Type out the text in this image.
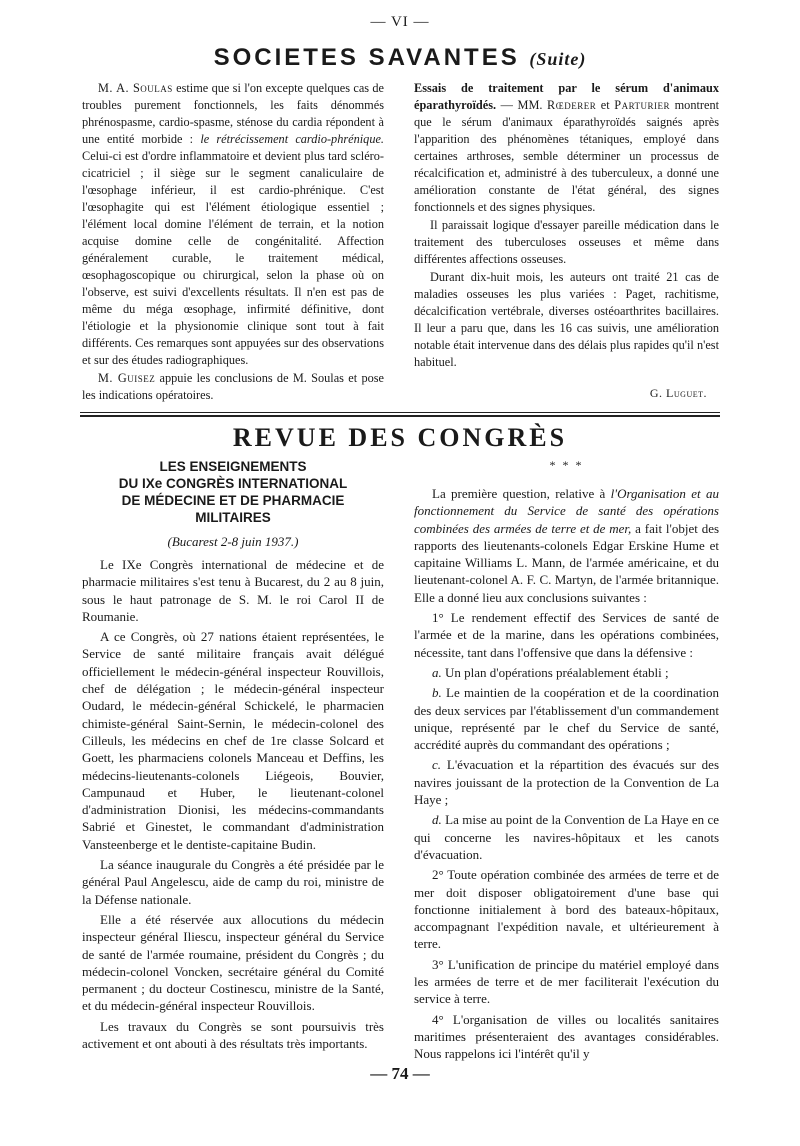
— VI —
SOCIETES SAVANTES (Suite)

M. A. Soulas estime que si l'on excepte quelques cas de troubles purement fonctionnels, les faits dénommés phrénospasme, cardio-spasme, sténose du cardia répondent à une entité morbide : le rétrécissement cardio-phrénique. Celui-ci est d'ordre inflammatoire et devient plus tard scléro-cicatriciel ; il siège sur le segment canaliculaire de l'œsophage inférieur, il est cardio-phrénique. C'est l'œsophagite qui est l'élément étiologique essentiel ; l'élément local domine l'élément de terrain, et la notion acquise domine celle de congénitalité. Affection généralement curable, le traitement médical, œsophagoscopique ou chirurgical, selon la phase où on l'observe, est suivi d'excellents résultats. Il n'en est pas de même du méga œsophage, infirmité définitive, dont l'étiologie et la physionomie clinique sont tout à fait différents. Ces remarques sont appuyées sur des observations et sur des études radiographiques.

M. Guisez appuie les conclusions de M. Soulas et pose les indications opératoires.

Essais de traitement par le sérum d'animaux éparathyroïdés. — MM. Rœderer et Parturier montrent que le sérum d'animaux éparathyroïdés saignés après l'apparition des phénomènes tétaniques, employé dans certaines arthroses, semble déterminer un processus de récalcification et, administré à des tuberculeux, a donné une amélioration constante de l'état général, des signes fonctionnels et des signes physiques.

Il paraissait logique d'essayer pareille médication dans le traitement des tuberculoses osseuses et même dans différentes affections osseuses.

Durant dix-huit mois, les auteurs ont traité 21 cas de maladies osseuses les plus variées : Paget, rachitisme, décalcification vertébrale, diverses ostéoarthrites bacillaires. Il leur a paru que, dans les 16 cas suivis, une amélioration notable était intervenue dans des délais plus rapides qu'il n'est habituel.

G. Luguet.
REVUE DES CONGRÈS
LES ENSEIGNEMENTS
DU IXe CONGRÈS INTERNATIONAL
DE MÉDECINE ET DE PHARMACIE MILITAIRES
(Bucarest 2-8 juin 1937.)

Le IXe Congrès international de médecine et de pharmacie militaires s'est tenu à Bucarest, du 2 au 8 juin, sous le haut patronage de S. M. le roi Carol II de Roumanie.

A ce Congrès, où 27 nations étaient représentées, le Service de santé militaire français avait délégué officiellement le médecin-général inspecteur Rouvillois, chef de délégation ; le médecin-général inspecteur Oudard, le médecin-général Schickelé, le pharmacien chimiste-général Saint-Sernin, le médecin-colonel des Cilleuls, les médecins en chef de 1re classe Solcard et Goett, les pharmaciens colonels Manceau et Deffins, les médecins-lieutenants-colonels Liégeois, Bouvier, Campunaud et Huber, le lieutenant-colonel d'administration Dionisi, les médecins-commandants Sabrié et Ginestet, le commandant d'administration Vansteenberge et le dentiste-capitaine Budin.

La séance inaugurale du Congrès a été présidée par le général Paul Angelescu, aide de camp du roi, ministre de la Défense nationale.

Elle a été réservée aux allocutions du médecin inspecteur général Iliescu, inspecteur général du Service de santé de l'armée roumaine, président du Congrès ; du médecin-colonel Voncken, secrétaire général du Comité permanent ; du docteur Costinescu, ministre de la Santé, et du médecin-général inspecteur Rouvillois.

Les travaux du Congrès se sont poursuivis très activement et ont abouti à des résultats très importants.

* * *

La première question, relative à l'Organisation et au fonctionnement du Service de santé des opérations combinées des armées de terre et de mer, a fait l'objet des rapports des lieutenants-colonels Edgar Erskine Hume et capitaine Williams L. Mann, de l'armée américaine, et du lieutenant-colonel A. F. C. Martyn, de l'armée britannique. Elle a donné lieu aux conclusions suivantes :

1° Le rendement effectif des Services de santé de l'armée et de la marine, dans les opérations combinées, nécessite, tant dans l'offensive que dans la défensive :

a. Un plan d'opérations préalablement établi ;

b. Le maintien de la coopération et de la coordination des deux services par l'établissement d'un commandement unique, représenté par le chef du Service de santé, accrédité auprès du commandant des opérations ;

c. L'évacuation et la répartition des évacués sur des navires jouissant de la protection de la Convention de La Haye ;

d. La mise au point de la Convention de La Haye en ce qui concerne les navires-hôpitaux et les canots d'évacuation.

2° Toute opération combinée des armées de terre et de mer doit disposer obligatoirement d'une base qui fonctionne initialement à bord des bateaux-hôpitaux, accompagnant l'expédition navale, et ultérieurement à terre.

3° L'unification de principe du matériel employé dans les armées de terre et de mer faciliterait l'exécution du service à terre.

4° L'organisation de villes ou localités sanitaires maritimes présenteraient des avantages considérables. Nous rappelons ici l'intérêt qu'il y

— 74 —
